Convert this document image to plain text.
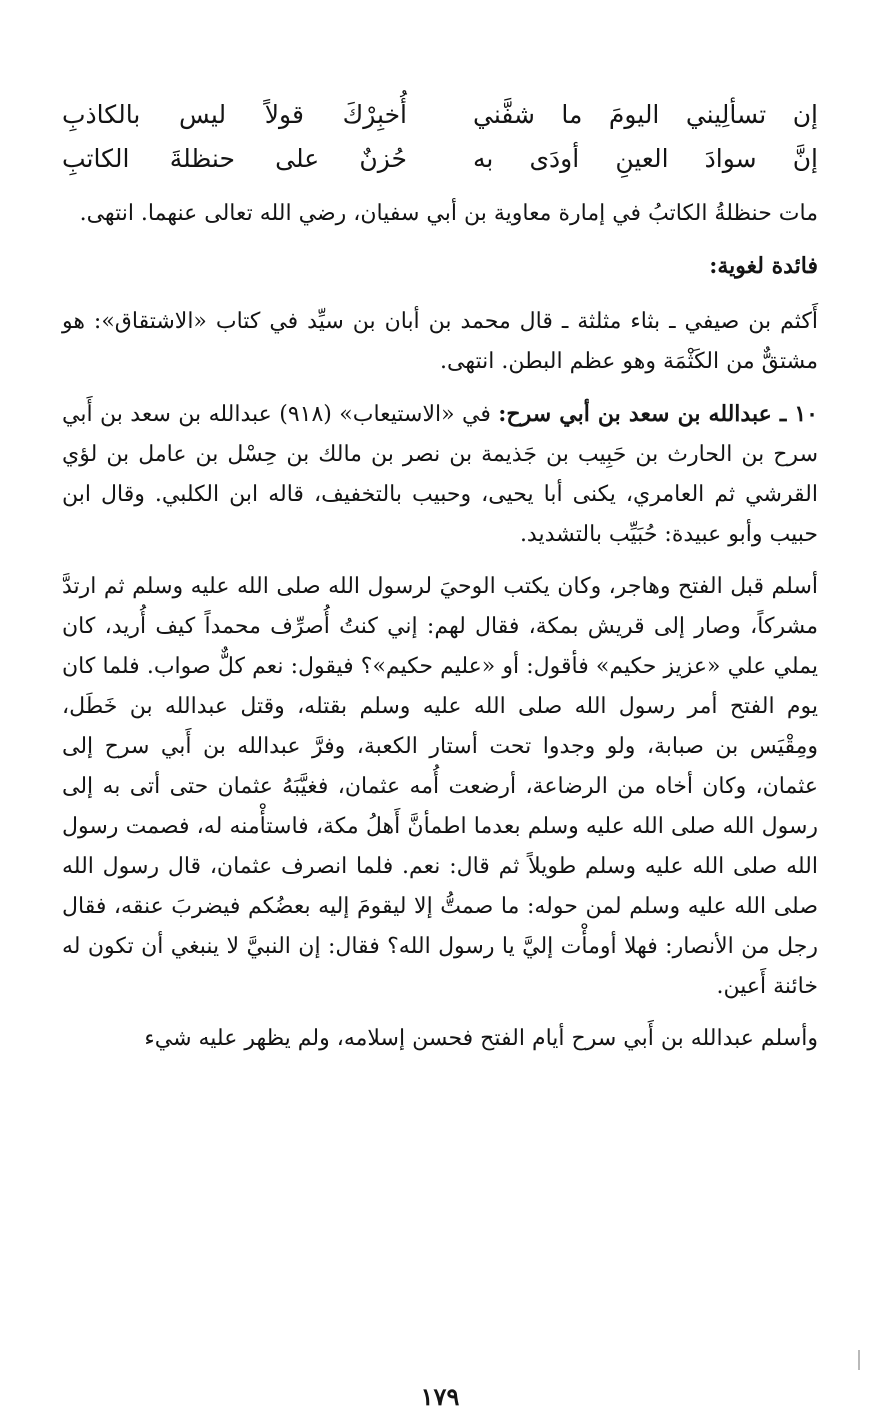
إن تسألِيني اليومَ ما شفَّني
أُخبِرْكَ قولاً ليس بالكاذبِ
إنَّ سوادَ العينِ أودَى به
حُزنٌ على حنظلةَ الكاتبِ

مات حنظلةُ الكاتبُ في إمارة معاوية بن أبي سفيان، رضي الله تعالى عنهما. انتهى.

فائدة لغوية:

أَكثم بن صيفي ـ بثاء مثلثة ـ قال محمد بن أبان بن سيِّد في كتاب «الاشتقاق»: هو مشتقٌّ من الكَثْمَة وهو عظم البطن. انتهى.

١٠ ـ عبدالله بن سعد بن أبي سرح: في «الاستيعاب» (٩١٨) عبدالله بن سعد بن أَبي سرح بن الحارث بن حَبِيب بن جَذيمة بن نصر بن مالك بن حِسْل بن عامل بن لؤي القرشي ثم العامري، يكنى أبا يحيى، وحبيب بالتخفيف، قاله ابن الكلبي. وقال ابن حبيب وأبو عبيدة: حُبَيِّب بالتشديد.

أسلم قبل الفتح وهاجر، وكان يكتب الوحيَ لرسول الله صلى الله عليه وسلم ثم ارتدَّ مشركاً، وصار إلى قريش بمكة، فقال لهم: إني كنتُ أُصرِّف محمداً كيف أُريد، كان يملي علي «عزيز حكيم» فأقول: أو «عليم حكيم»؟ فيقول: نعم كلٌّ صواب. فلما كان يوم الفتح أمر رسول الله صلى الله عليه وسلم بقتله، وقتل عبدالله بن خَطَل، ومِقْيَس بن صبابة، ولو وجدوا تحت أستار الكعبة، وفرَّ عبدالله بن أَبي سرح إلى عثمان، وكان أخاه من الرضاعة، أرضعت أُمه عثمان، فغيَّبَهُ عثمان حتى أتى به إلى رسول الله صلى الله عليه وسلم بعدما اطمأنَّ أَهلُ مكة، فاستأْمنه له، فصمت رسول الله صلى الله عليه وسلم طويلاً ثم قال: نعم. فلما انصرف عثمان، قال رسول الله صلى الله عليه وسلم لمن حوله: ما صمتُّ إلا ليقومَ إليه بعضُكم فيضربَ عنقه، فقال رجل من الأنصار: فهلا أومأْت إليَّ يا رسول الله؟ فقال: إن النبيَّ لا ينبغي أن تكون له خائنة أَعين.

وأسلم عبدالله بن أَبي سرح أيام الفتح فحسن إسلامه، ولم يظهر عليه شيء

١٧٩
